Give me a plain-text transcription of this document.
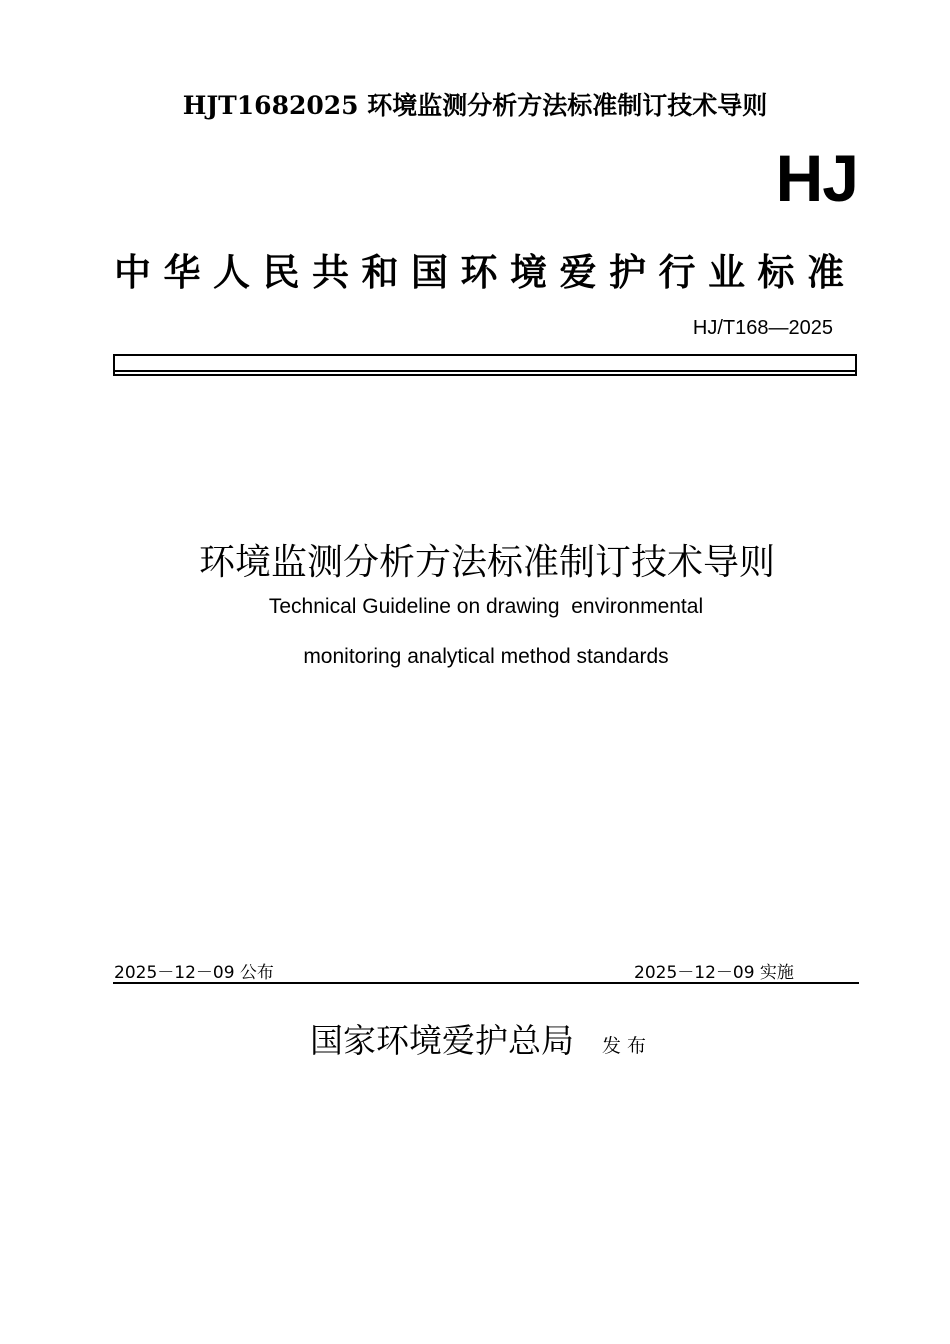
HJT1682025 环境监测分析方法标准制订技术导则
HJ
中华人民共和国环境爱护行业标准
HJ/T168—2025
环境监测分析方法标准制订技术导则
Technical Guideline on drawing  environmental
monitoring analytical method standards
2025－12－09 公布	2025－12－09 实施
国家环境爱护总局 发布
